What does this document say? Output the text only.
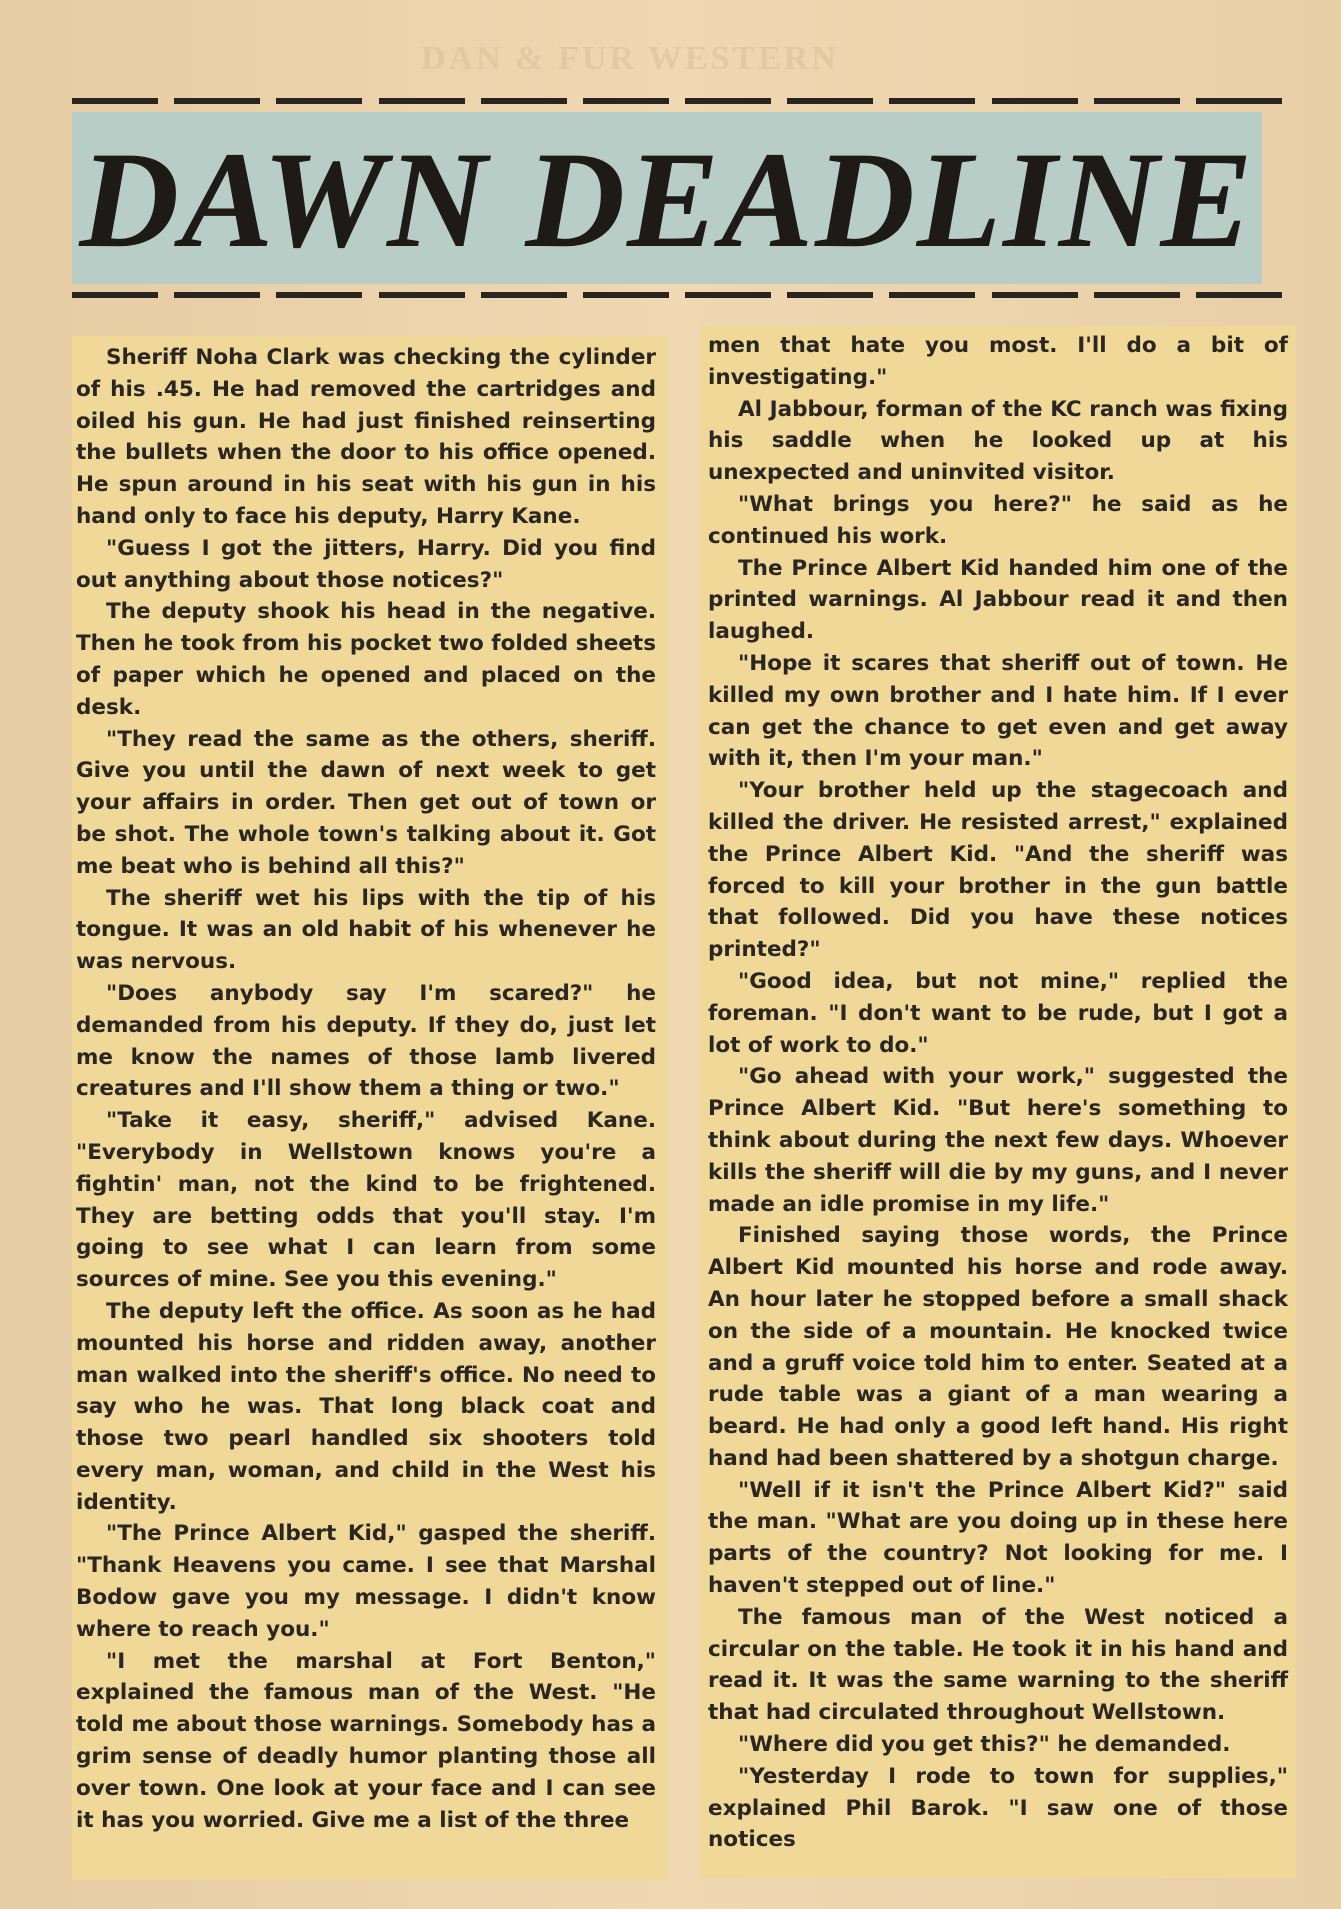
DAN & FUR WESTERN
DAWN DEADLINE

Sheriff Noha Clark was checking the cylinder of his .45. He had removed the cartridges and oiled his gun. He had just finished reinserting the bullets when the door to his office opened. He spun around in his seat with his gun in his hand only to face his deputy, Harry Kane.

"Guess I got the jitters, Harry. Did you find out anything about those notices?"

The deputy shook his head in the negative. Then he took from his pocket two folded sheets of paper which he opened and placed on the desk.

"They read the same as the others, sheriff. Give you until the dawn of next week to get your affairs in order. Then get out of town or be shot. The whole town's talking about it. Got me beat who is behind all this?"

The sheriff wet his lips with the tip of his tongue. It was an old habit of his whenever he was nervous.

"Does anybody say I'm scared?" he demanded from his deputy. If they do, just let me know the names of those lamb livered creatures and I'll show them a thing or two."

"Take it easy, sheriff," advised Kane. "Everybody in Wellstown knows you're a fightin' man, not the kind to be frightened. They are betting odds that you'll stay. I'm going to see what I can learn from some sources of mine. See you this evening."

The deputy left the office. As soon as he had mounted his horse and ridden away, another man walked into the sheriff's office. No need to say who he was. That long black coat and those two pearl handled six shooters told every man, woman, and child in the West his identity.

"The Prince Albert Kid," gasped the sheriff. "Thank Heavens you came. I see that Marshal Bodow gave you my message. I didn't know where to reach you."

"I met the marshal at Fort Benton," explained the famous man of the West. "He told me about those warnings. Somebody has a grim sense of deadly humor planting those all over town. One look at your face and I can see it has you worried. Give me a list of the three

men that hate you most. I'll do a bit of investigating."

Al Jabbour, forman of the KC ranch was fixing his saddle when he looked up at his unexpected and uninvited visitor.

"What brings you here?" he said as he continued his work.

The Prince Albert Kid handed him one of the printed warnings. Al Jabbour read it and then laughed.

"Hope it scares that sheriff out of town. He killed my own brother and I hate him. If I ever can get the chance to get even and get away with it, then I'm your man."

"Your brother held up the stagecoach and killed the driver. He resisted arrest," explained the Prince Albert Kid. "And the sheriff was forced to kill your brother in the gun battle that followed. Did you have these notices printed?"

"Good idea, but not mine," replied the foreman. "I don't want to be rude, but I got a lot of work to do."

"Go ahead with your work," suggested the Prince Albert Kid. "But here's something to think about during the next few days. Whoever kills the sheriff will die by my guns, and I never made an idle promise in my life."

Finished saying those words, the Prince Albert Kid mounted his horse and rode away. An hour later he stopped before a small shack on the side of a mountain. He knocked twice and a gruff voice told him to enter. Seated at a rude table was a giant of a man wearing a beard. He had only a good left hand. His right hand had been shattered by a shotgun charge.

"Well if it isn't the Prince Albert Kid?" said the man. "What are you doing up in these here parts of the country? Not looking for me. I haven't stepped out of line."

The famous man of the West noticed a circular on the table. He took it in his hand and read it. It was the same warning to the sheriff that had circulated throughout Wellstown.

"Where did you get this?" he demanded.

"Yesterday I rode to town for supplies," explained Phil Barok. "I saw one of those notices
